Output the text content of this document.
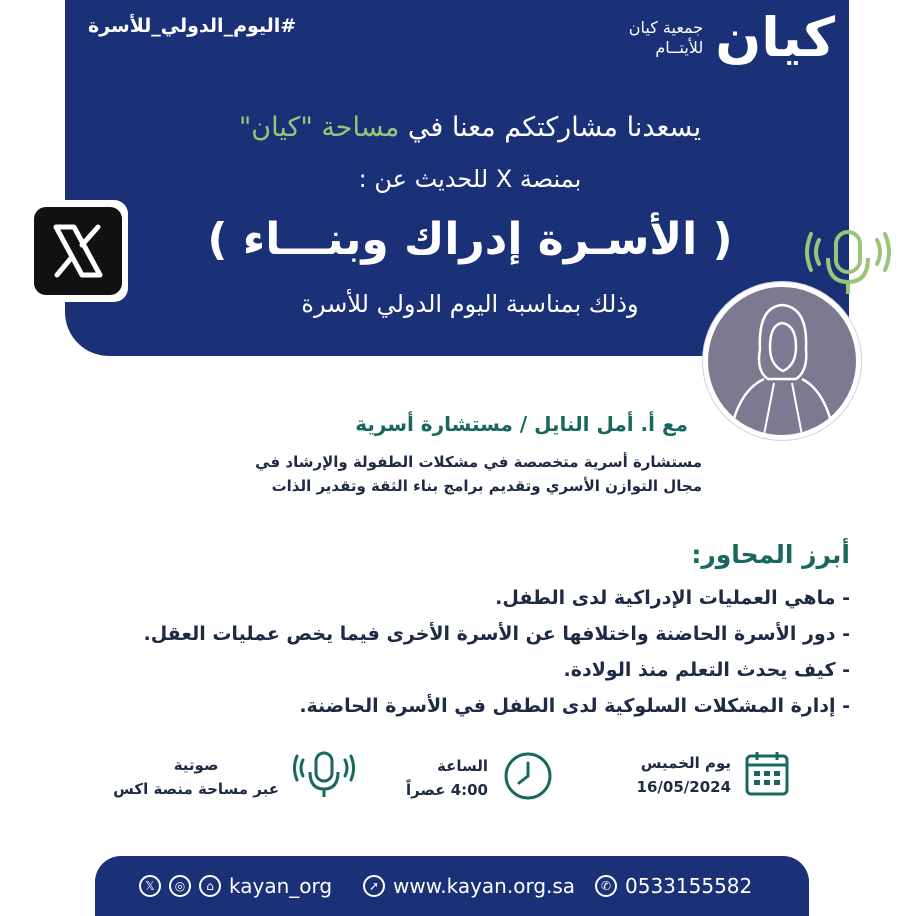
#اليوم_الدولي_للأسرة	كيان
جمعية كيان
للأيتــام
يسعدنا مشاركتكم معنا في مساحة "كيان"
بمنصة X للحديث عن :
( الأسـرة إدراك وبنـــاء )
وذلك بمناسبة اليوم الدولي للأسرة
مع أ. أمل النايل / مستشارة أسرية
مستشارة أسرية متخصصة في مشكلات الطفولة والإرشاد في
مجال التوازن الأسري وتقديم برامج بناء الثقة وتقدير الذات
أبرز المحاور:
- ماهي العمليات الإدراكية لدى الطفل.
- دور الأسرة الحاضنة واختلافها عن الأسرة الأخرى فيما يخص عمليات العقل.
- كيف يحدث التعلم منذ الولادة.
- إدارة المشكلات السلوكية لدى الطفل في الأسرة الحاضنة.
يوم الخميس
16/05/2024
الساعة
4:00 عصراً
صوتية
عبر مساحة منصة اكس
𝕏	◎	⌂ kayan_org	➚ www.kayan.org.sa	✆ 0533155582
